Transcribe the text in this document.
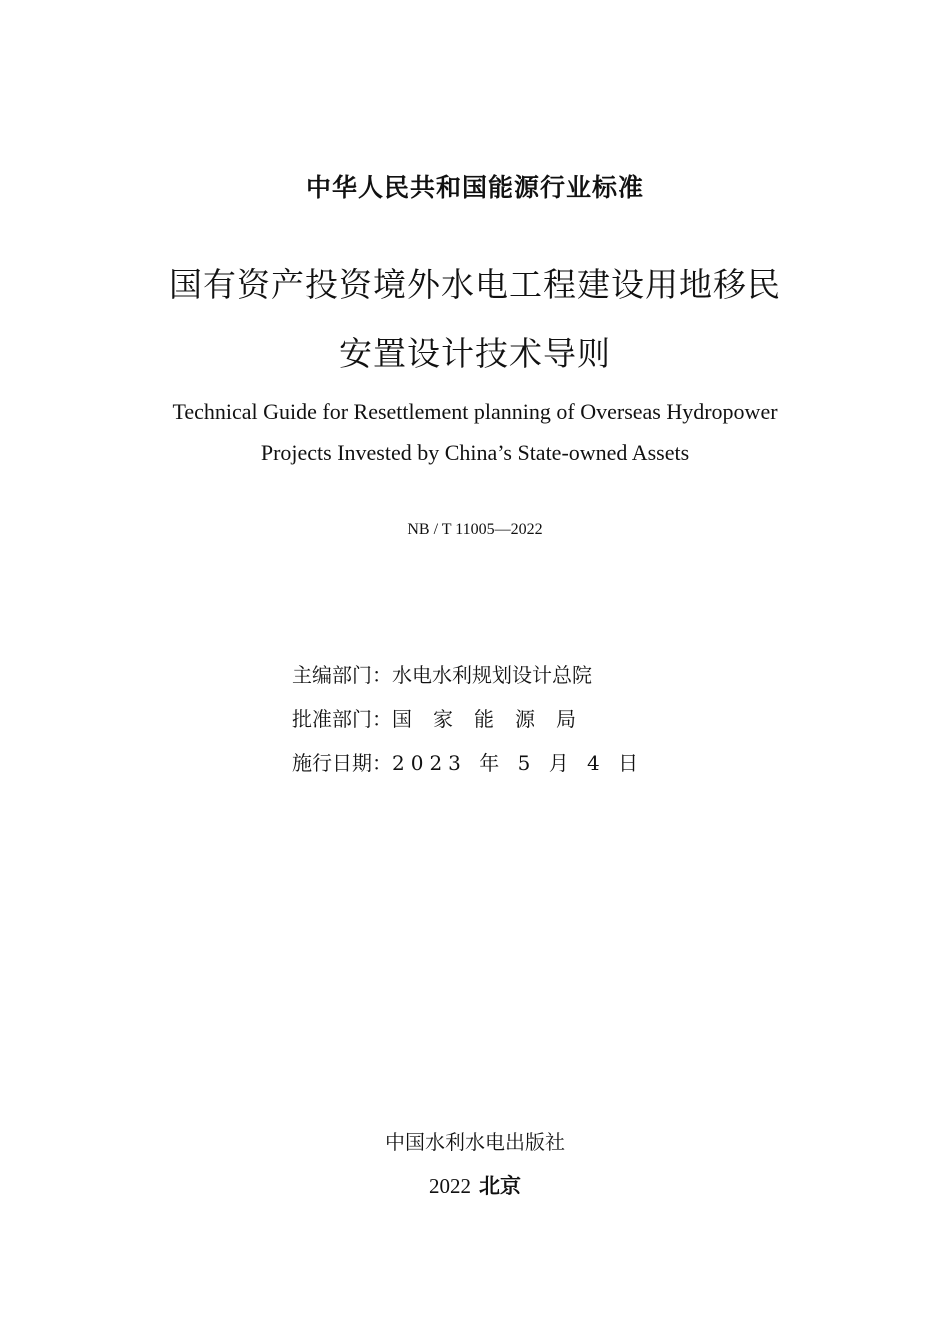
中华人民共和国能源行业标准
国有资产投资境外水电工程建设用地移民
安置设计技术导则
Technical Guide for Resettlement planning of Overseas Hydropower
Projects Invested by China’s State-owned Assets
NB / T 11005—2022
主编部门： 水电水利规划设计总院
批准部门： 国家能源局
施行日期： 2023 年 5 月 4 日
中国水利水电出版社
2022 北京
